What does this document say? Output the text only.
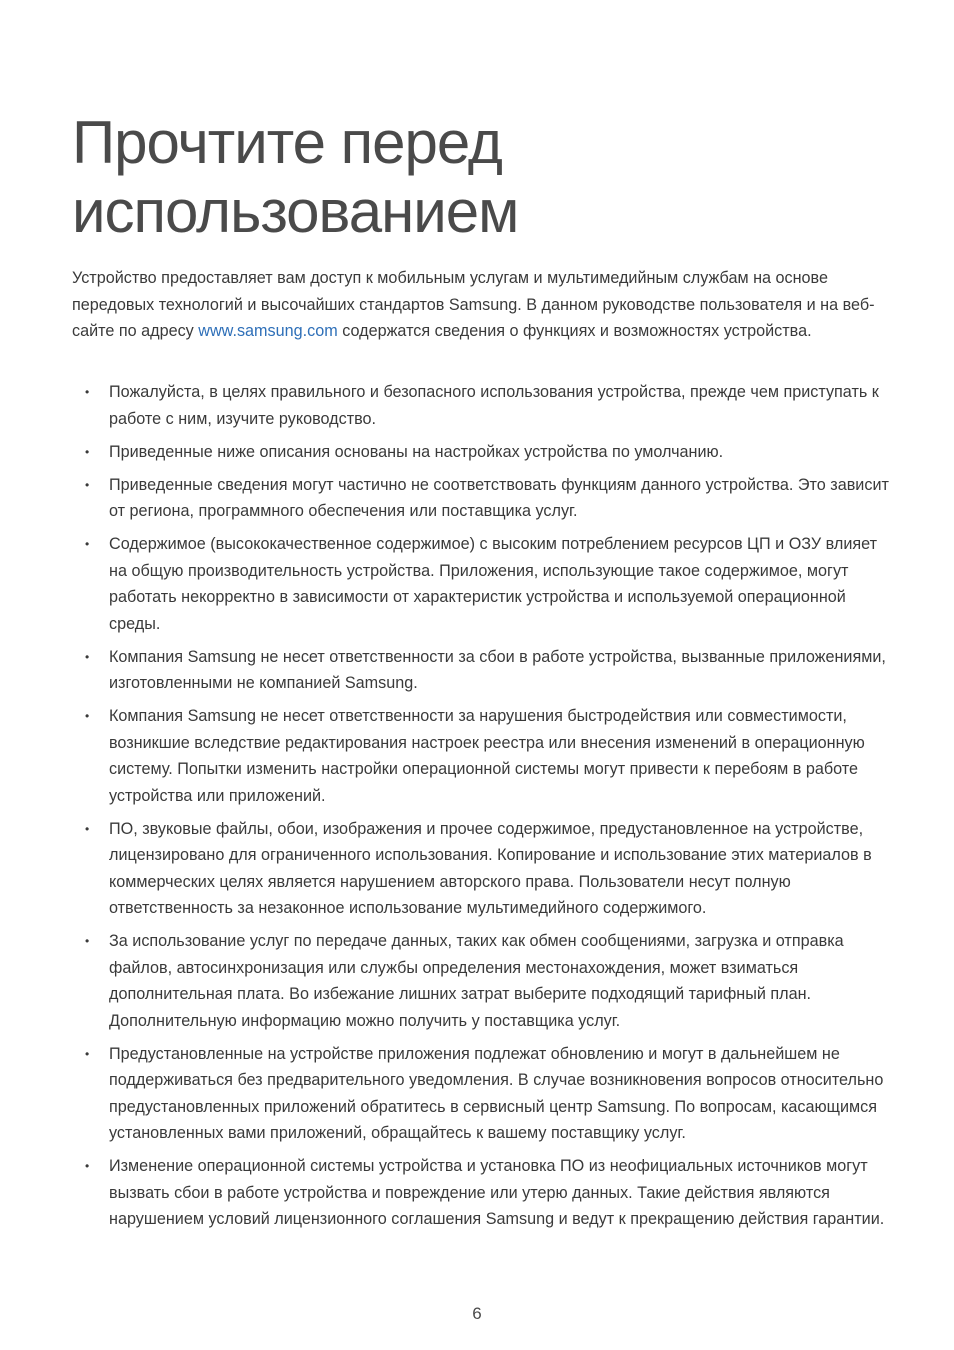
Прочтите перед использованием

Устройство предоставляет вам доступ к мобильным услугам и мультимедийным службам на основе передовых технологий и высочайших стандартов Samsung. В данном руководстве пользователя и на веб-сайте по адресу www.samsung.com содержатся сведения о функциях и возможностях устройства.

• Пожалуйста, в целях правильного и безопасного использования устройства, прежде чем приступать к работе с ним, изучите руководство.
• Приведенные ниже описания основаны на настройках устройства по умолчанию.
• Приведенные сведения могут частично не соответствовать функциям данного устройства. Это зависит от региона, программного обеспечения или поставщика услуг.
• Содержимое (высококачественное содержимое) с высоким потреблением ресурсов ЦП и ОЗУ влияет на общую производительность устройства. Приложения, использующие такое содержимое, могут работать некорректно в зависимости от характеристик устройства и используемой операционной среды.
• Компания Samsung не несет ответственности за сбои в работе устройства, вызванные приложениями, изготовленными не компанией Samsung.
• Компания Samsung не несет ответственности за нарушения быстродействия или совместимости, возникшие вследствие редактирования настроек реестра или внесения изменений в операционную систему. Попытки изменить настройки операционной системы могут привести к перебоям в работе устройства или приложений.
• ПО, звуковые файлы, обои, изображения и прочее содержимое, предустановленное на устройстве, лицензировано для ограниченного использования. Копирование и использование этих материалов в коммерческих целях является нарушением авторского права. Пользователи несут полную ответственность за незаконное использование мультимедийного содержимого.
• За использование услуг по передаче данных, таких как обмен сообщениями, загрузка и отправка файлов, автосинхронизация или службы определения местонахождения, может взиматься дополнительная плата. Во избежание лишних затрат выберите подходящий тарифный план. Дополнительную информацию можно получить у поставщика услуг.
• Предустановленные на устройстве приложения подлежат обновлению и могут в дальнейшем не поддерживаться без предварительного уведомления. В случае возникновения вопросов относительно предустановленных приложений обратитесь в сервисный центр Samsung. По вопросам, касающимся установленных вами приложений, обращайтесь к вашему поставщику услуг.
• Изменение операционной системы устройства и установка ПО из неофициальных источников могут вызвать сбои в работе устройства и повреждение или утерю данных. Такие действия являются нарушением условий лицензионного соглашения Samsung и ведут к прекращению действия гарантии.
6
